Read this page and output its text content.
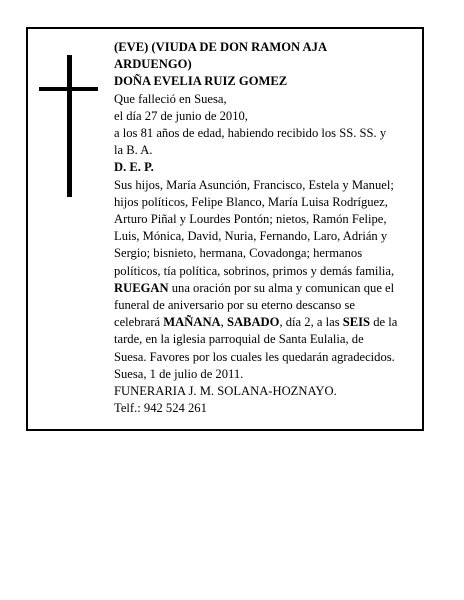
(EVE) (VIUDA DE DON RAMON AJA
ARDUENGO)
DOÑA EVELIA RUIZ GOMEZ
Que falleció en Suesa,
el día 27 de junio de 2010,
a los 81 años de edad, habiendo recibido los SS. SS. y
la B. A.
D. E. P.
Sus hijos, María Asunción, Francisco, Estela y Manuel;
hijos políticos, Felipe Blanco, María Luisa Rodríguez,
Arturo Piñal y Lourdes Pontón; nietos, Ramón Felipe,
Luis, Mónica, David, Nuria, Fernando, Laro, Adrián y
Sergio; bisnieto, hermana, Covadonga; hermanos
políticos, tía política, sobrinos, primos y demás familia,
RUEGAN una oración por su alma y comunican que el
funeral de aniversario por su eterno descanso se
celebrará MAÑANA, SABADO, día 2, a las SEIS de la
tarde, en la iglesia parroquial de Santa Eulalia, de
Suesa. Favores por los cuales les quedarán agradecidos.
Suesa, 1 de julio de 2011.
FUNERARIA J. M. SOLANA-HOZNAYO.
Telf.: 942 524 261
